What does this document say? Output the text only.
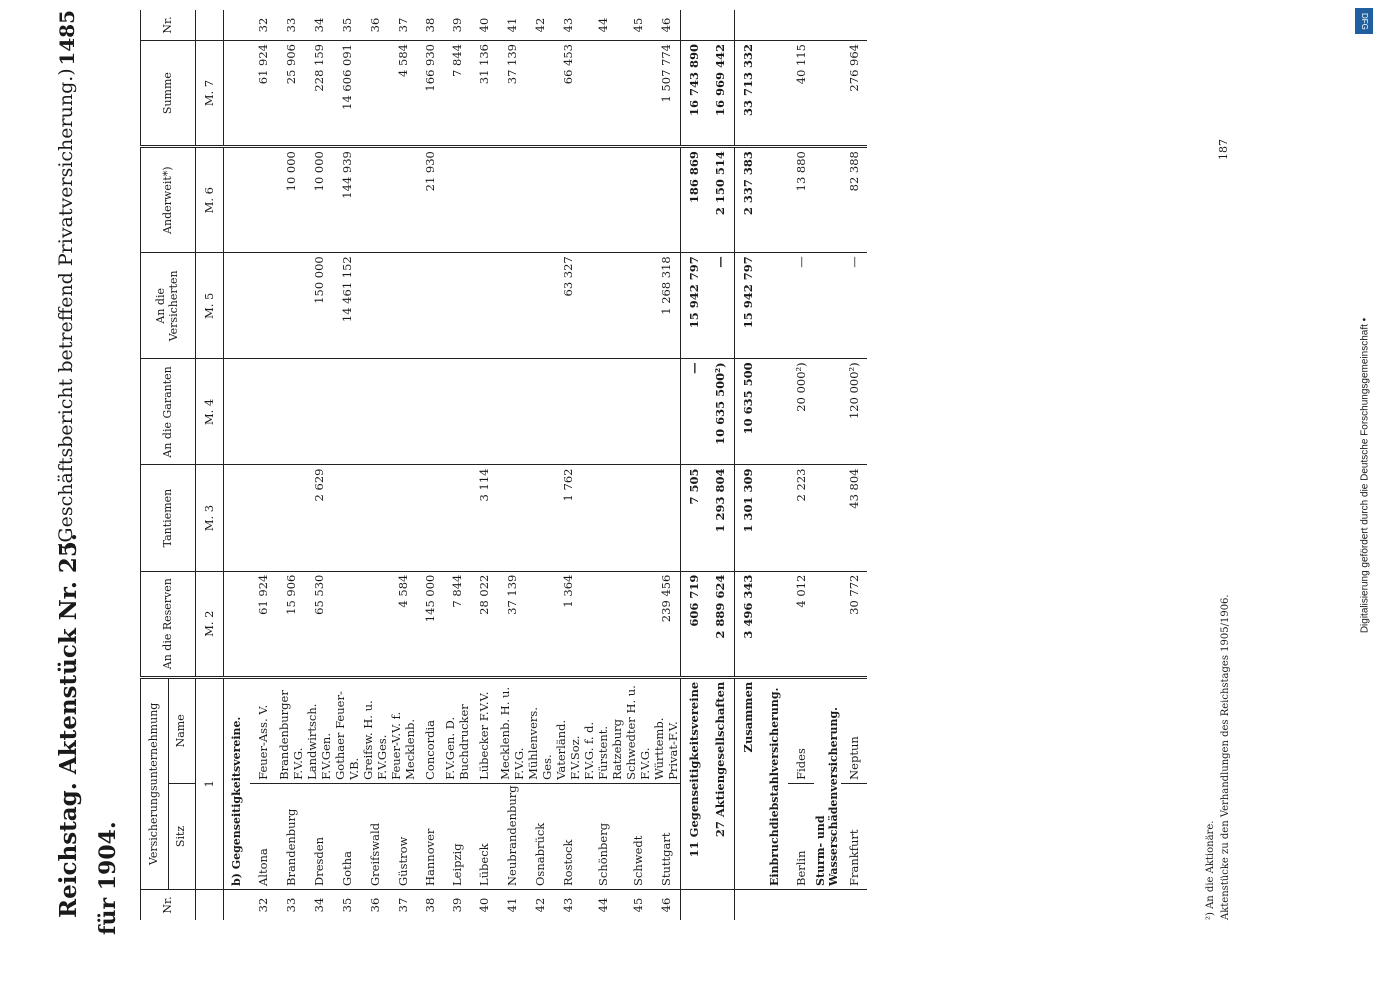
Reichstag. Aktenstück Nr. 25.
(Geschäftsbericht betreffend Privatversicherung.)
1485
für 1904.	Nr.	Versicherungsunternehmung		An die Reserven	Tantiemen	An die Garanten	An die Versicherten	Anderweit*)	Summe	Nr.
	Sitz	Name							
	1		M. 2	M. 3	M. 4	M. 5	M. 6	M. 7	
	b) Gegenseitigkeitsvereine.								
32	Altona	Feuer-Ass. V.	61 924					61 924	32
33	Brandenburg	Brandenburger F.V.G.	15 906				10 000	25 906	33
34	Dresden	Landwirtsch. F.V.Gen.	65 530	2 629		150 000	10 000	228 159	34
35	Gotha	Gothaer Feuer-V.B.				14 461 152	144 939	14 606 091	35
36	Greifswald	Greifsw. H. u. F.V.Ges.							36
37	Güstrow	Feuer-V.V. f. Mecklenb.	4 584					4 584	37
38	Hannover	Concordia	145 000				21 930	166 930	38
39	Leipzig	F.V.Gen. D. Buchdrucker	7 844					7 844	39
40	Lübeck	Lübecker F.V.V.	28 022	3 114				31 136	40
41	Neubrandenburg	Mecklenb. H. u. F.V.G.	37 139					37 139	41
42	Osnabrück	Mühlenvers. Ges.							42
43	Rostock	Vaterländ. F.V.Soz.	1 364	1 762		63 327		66 453	43
44	Schönberg	F.V.G. f. d. Fürstent. Ratzeburg							44
45	Schwedt	Schwedter H. u. F.V.G.							45
46	Stuttgart	Württemb. Privat-F.V.	239 456			1 268 318		1 507 774	46
	11 Gegenseitigkeitsvereine		606 719	7 505	—	15 942 797	186 869	16 743 890	
	27 Aktiengesellschaften		2 889 624	1 293 804	10 635 500²)	—	2 150 514	16 969 442	
	Zusammen		3 496 343	1 301 309	10 635 500	15 942 797	2 337 383	33 713 332	
	Einbruchdiebstahlversicherung.								
	Berlin	Fides	4 012	2 223	20 000²)	—	13 880	40 115	
	Sturm- und Wasserschädenversicherung.								
	Frankfurt	Neptun	30 772	43 804	120 000²)	—	82 388	276 964	
²) An die Aktionäre. Aktenstücke zu den Verhandlungen des Reichstages 1905/1906.
187
Digitalisierung gefördert durch die Deutsche Forschungsgemeinschaft •
DFG
